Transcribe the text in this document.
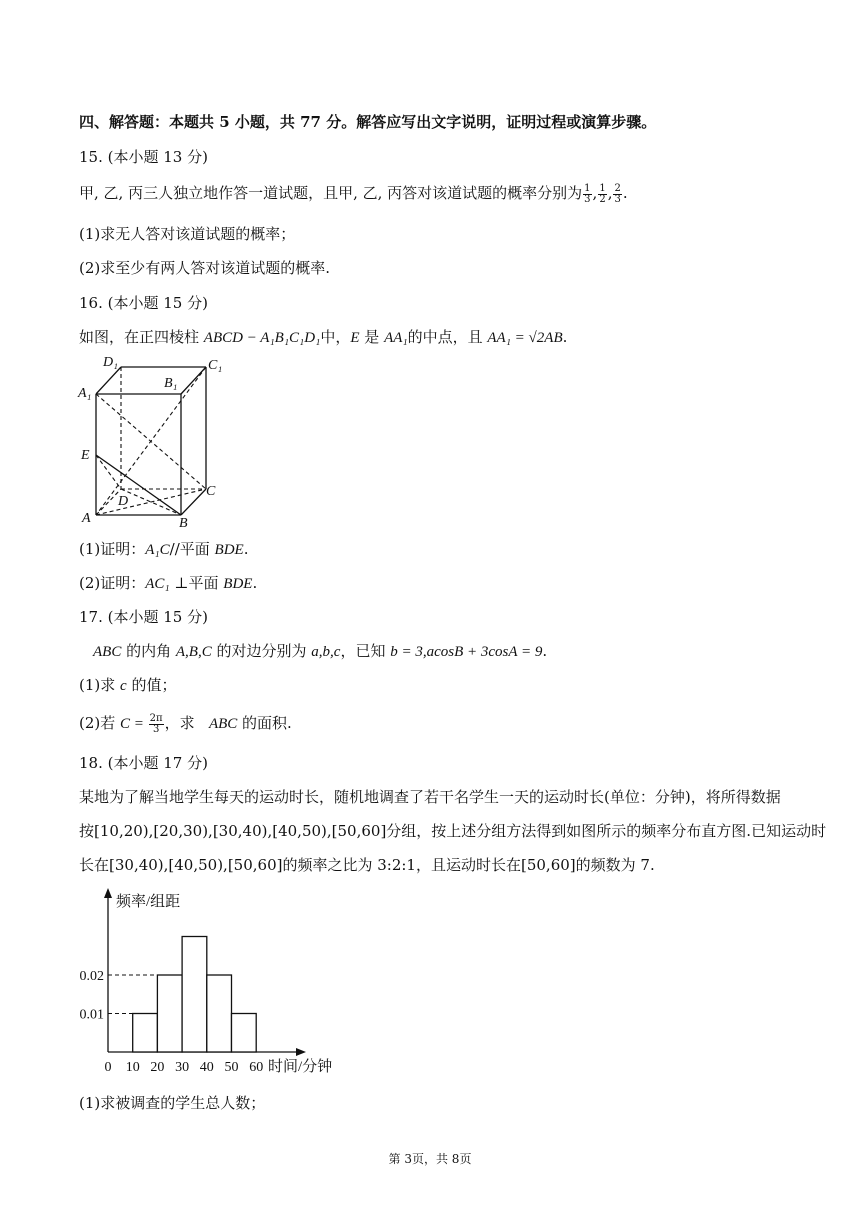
四、解答题：本题共 5 小题，共 77 分。解答应写出文字说明，证明过程或演算步骤。
15. (本小题 13 分)
甲, 乙, 丙三人独立地作答一道试题，且甲, 乙, 丙答对该道试题的概率分别为 $\frac{1}{3}$ , $\frac{1}{2}$ , $\frac{2}{3}$ .
(1)求无人答对该道试题的概率；
(2)求至少有两人答对该道试题的概率.
16. (本小题 15 分)
如图，在正四棱柱 ABCD − A₁B₁C₁D₁中，E 是 AA₁的中点，且 AA₁ = √2AB.
D₁	C₁
B₁
A₁
E
D
C
A	B
(1)证明：A₁C//平面 BDE.
(2)证明：AC₁ ⊥平面 BDE.
17. (本小题 15 分)
ABC 的内角 A,B,C 的对边分别为 a,b,c，已知 b = 3,acosB + 3cosA = 9.
(1)求 c 的值；
(2)若 $C = \frac{2\pi}{3}$ ，求   ABC 的面积.
18. (本小题 17 分)
某地为了解当地学生每天的运动时长，随机地调查了若干名学生一天的运动时长(单位：分钟)，将所得数据
按[10,20),[20,30),[30,40),[40,50),[50,60]分组，按上述分组方法得到如图所示的频率分布直方图.已知运动时
长在[30,40),[40,50),[50,60]的频率之比为 3:2:1，且运动时长在[50,60]的频数为 7.
频率/组距
时间/分钟
0.01
0.02
0 10 20 30 40 50 60
(1)求被调查的学生总人数；
第 3页，共 8页
